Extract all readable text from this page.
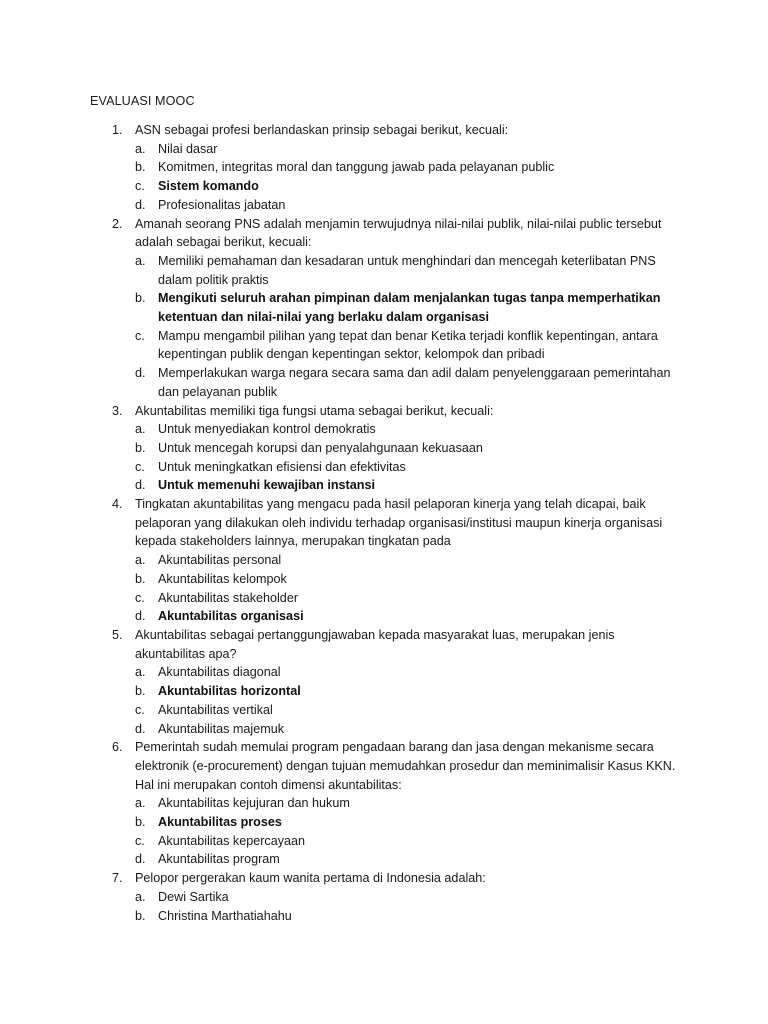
EVALUASI MOOC
1. ASN sebagai profesi berlandaskan prinsip sebagai berikut, kecuali:
a. Nilai dasar
b. Komitmen, integritas moral dan tanggung jawab pada pelayanan public
c. Sistem komando
d. Profesionalitas jabatan
2. Amanah seorang PNS adalah menjamin terwujudnya nilai-nilai publik, nilai-nilai public tersebut adalah sebagai berikut, kecuali:
a. Memiliki pemahaman dan kesadaran untuk menghindari dan mencegah keterlibatan PNS dalam politik praktis
b. Mengikuti seluruh arahan pimpinan dalam menjalankan tugas tanpa memperhatikan ketentuan dan nilai-nilai yang berlaku dalam organisasi
c. Mampu mengambil pilihan yang tepat dan benar Ketika terjadi konflik kepentingan, antara kepentingan publik dengan kepentingan sektor, kelompok dan pribadi
d. Memperlakukan warga negara secara sama dan adil dalam penyelenggaraan pemerintahan dan pelayanan publik
3. Akuntabilitas memiliki tiga fungsi utama sebagai berikut, kecuali:
a. Untuk menyediakan kontrol demokratis
b. Untuk mencegah korupsi dan penyalahgunaan kekuasaan
c. Untuk meningkatkan efisiensi dan efektivitas
d. Untuk memenuhi kewajiban instansi
4. Tingkatan akuntabilitas yang mengacu pada hasil pelaporan kinerja yang telah dicapai, baik pelaporan yang dilakukan oleh individu terhadap organisasi/institusi maupun kinerja organisasi kepada stakeholders lainnya, merupakan tingkatan pada
a. Akuntabilitas personal
b. Akuntabilitas kelompok
c. Akuntabilitas stakeholder
d. Akuntabilitas organisasi
5. Akuntabilitas sebagai pertanggungjawaban kepada masyarakat luas, merupakan jenis akuntabilitas apa?
a. Akuntabilitas diagonal
b. Akuntabilitas horizontal
c. Akuntabilitas vertikal
d. Akuntabilitas majemuk
6. Pemerintah sudah memulai program pengadaan barang dan jasa dengan mekanisme secara elektronik (e-procurement) dengan tujuan memudahkan prosedur dan meminimalisir Kasus KKN. Hal ini merupakan contoh dimensi akuntabilitas:
a. Akuntabilitas kejujuran dan hukum
b. Akuntabilitas proses
c. Akuntabilitas kepercayaan
d. Akuntabilitas program
7. Pelopor pergerakan kaum wanita pertama di Indonesia adalah:
a. Dewi Sartika
b. Christina Marthatiahahu
